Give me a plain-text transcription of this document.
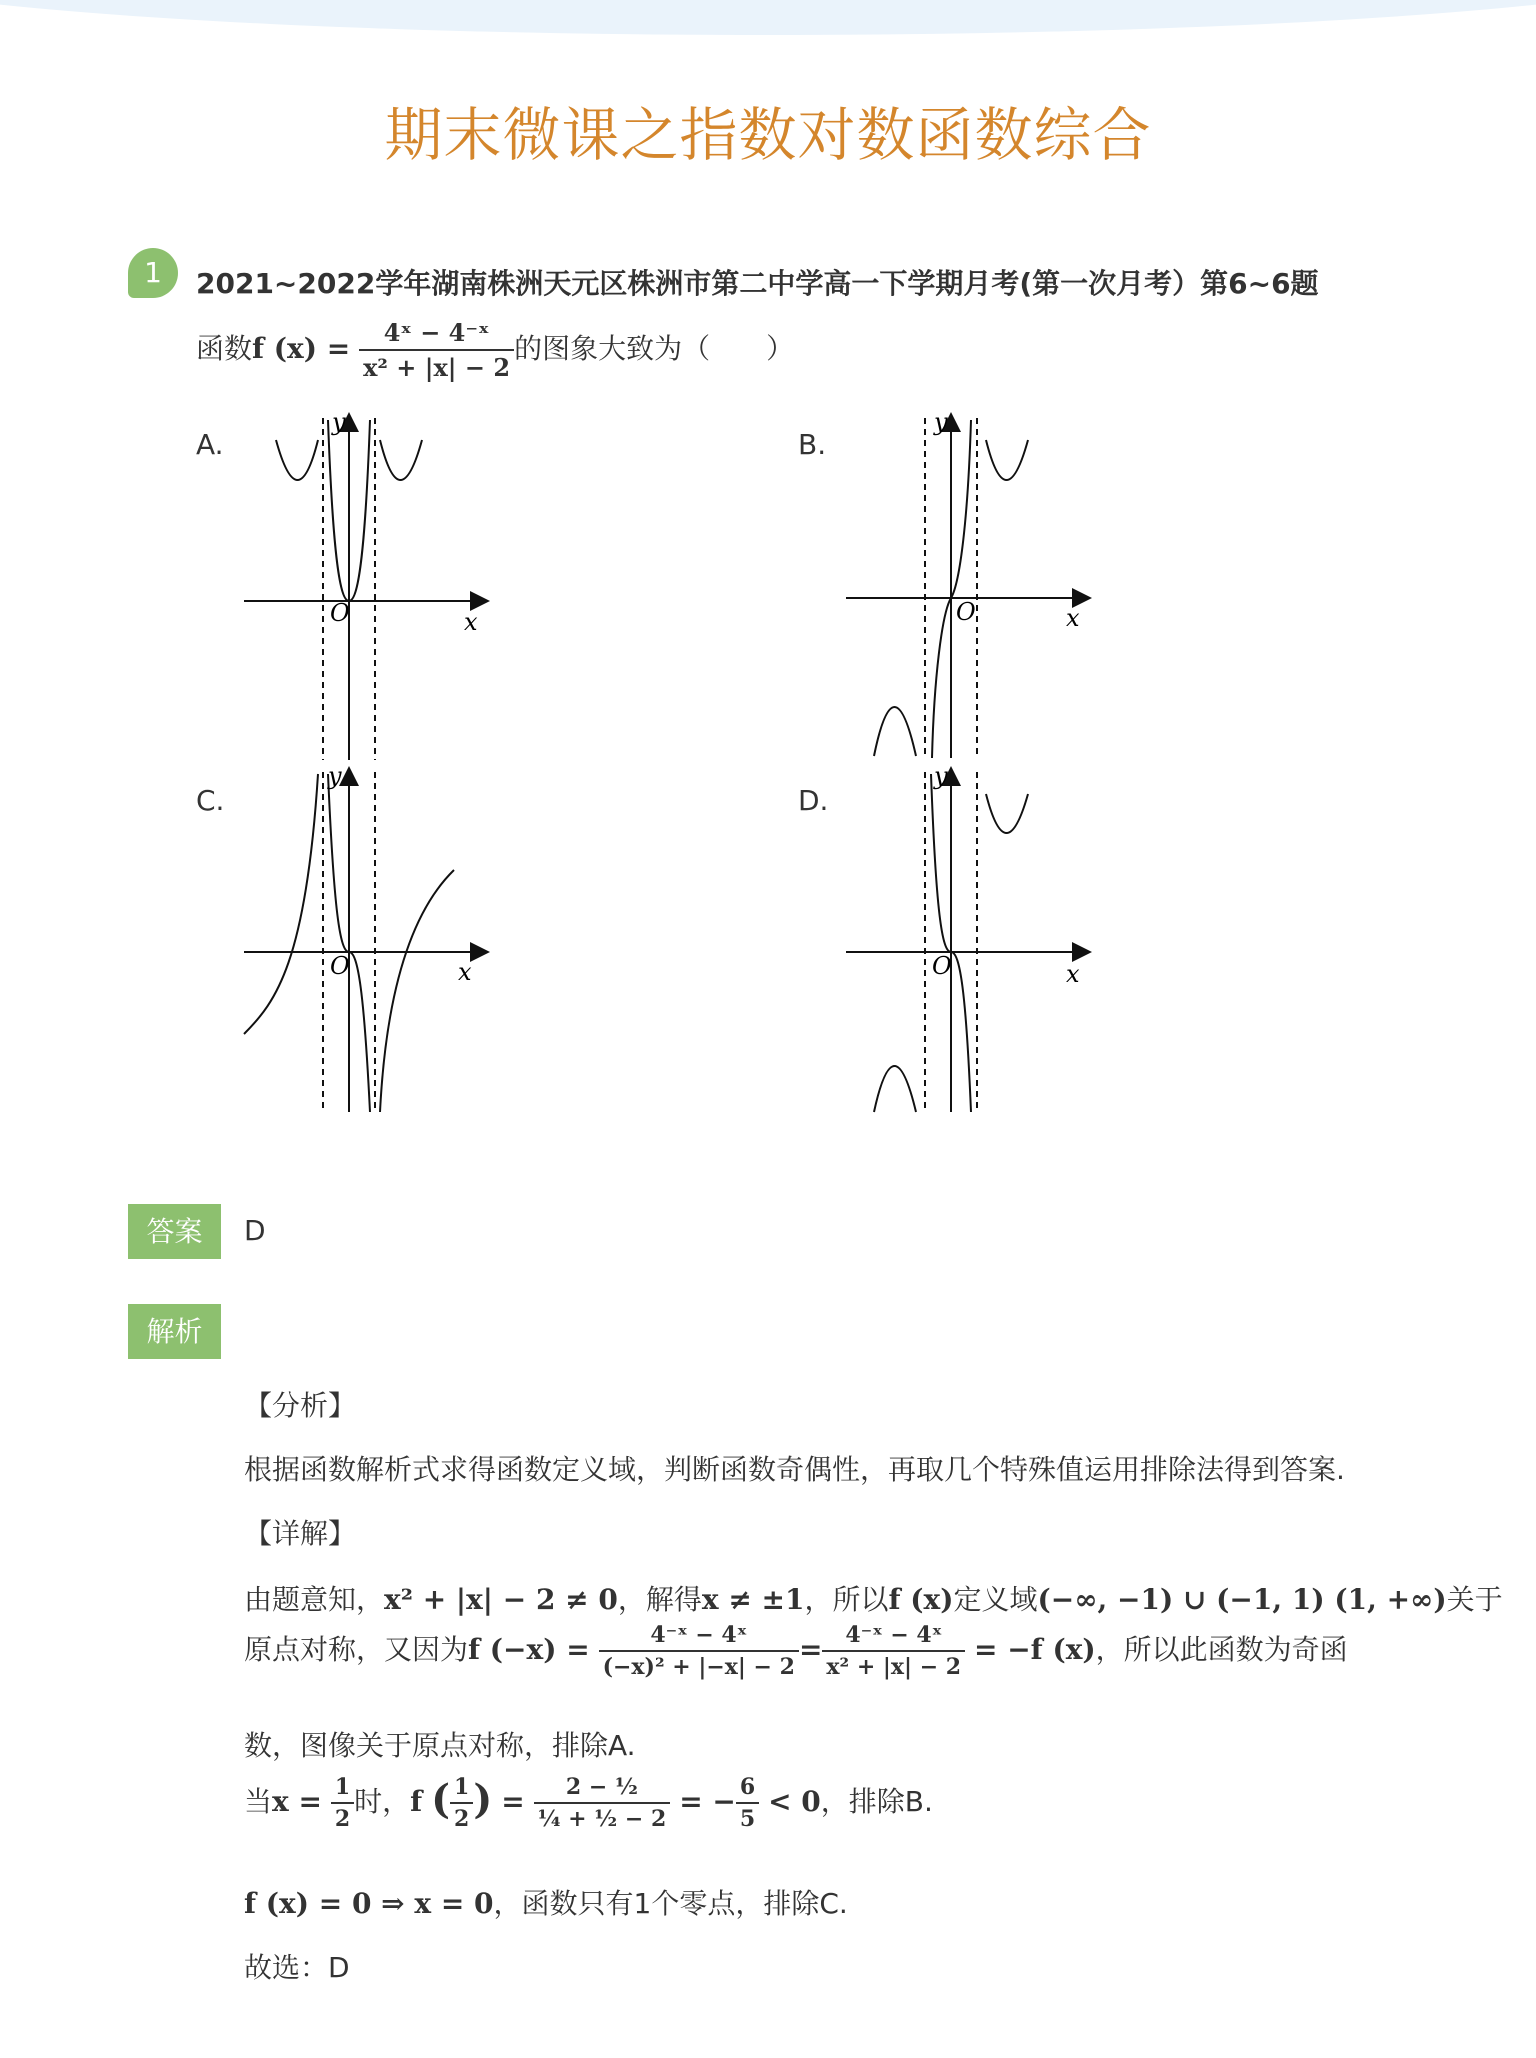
期末微课之指数对数函数综合
1	2021~2022学年湖南株洲天元区株洲市第二中学高一下学期月考(第一次月考）第6~6题
函数f $(x) = \frac{\text{4ˣ − 4⁻ˣ}}{\text{x² + |x| − 2}}$ 的图象大致为（　　）
A.
O	x
y
B.
O	x
y
C.
O	x
y
D.
O	x
y
答案	D
解析
【分析】
根据函数解析式求得函数定义域，判断函数奇偶性，再取几个特殊值运用排除法得到答案.
【详解】
由题意知，x² + |x| − 2 ≠ 0，解得x ≠ ±1，所以f (x)定义域(−∞, −1) ∪ (−1, 1) (1, +∞)关于
原点对称，又因为f $(-x) = \frac{\text{4⁻ˣ − 4ˣ}}{\text{(−x)² + |−x| − 2}} = \frac{\text{4⁻ˣ − 4ˣ}}{\text{x² + |x| − 2}} = -f$ (x)，所以此函数为奇函
数，图像关于原点对称，排除A.
当$x = \frac{1}{2}$ 时，f ( $\frac{1}{2}$ ) = $\frac{\text{2 − ½}}{\text{¼ + ½ − 2}}$ = − $\frac{6}{5} < 0$，排除B.
f (x) = 0 ⇒ x = 0，函数只有1个零点，排除C.
故选：D
